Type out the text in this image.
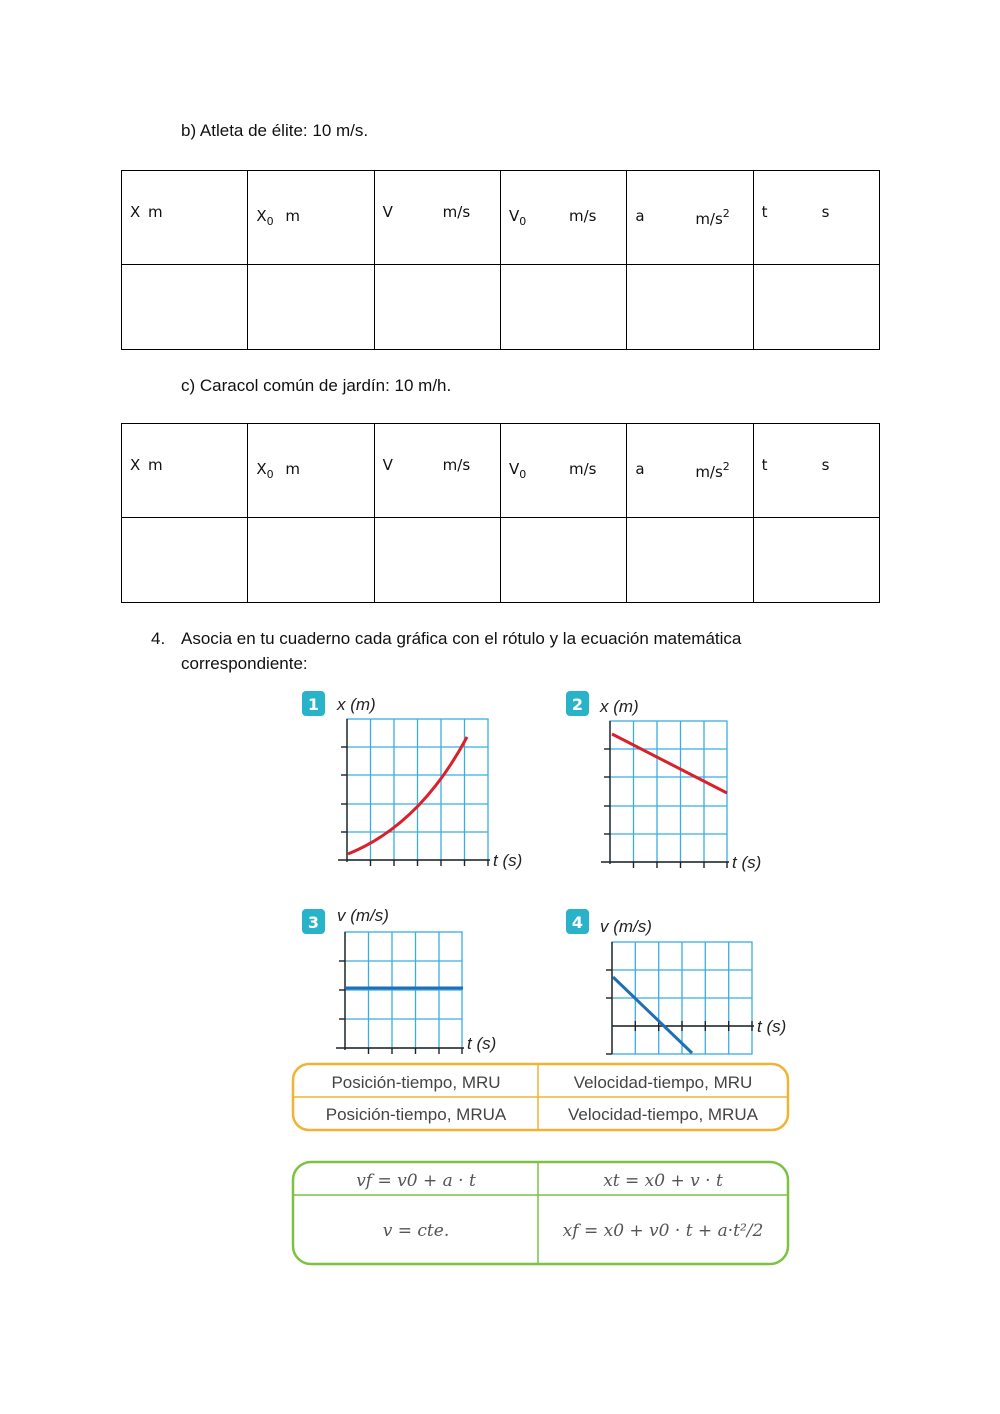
b) Atleta de élite: 10 m/s.
X m	$X_0$ m	V m/s	$V_0$ m/s	a $m/s^2$	t s

c) Caracol común de jardín: 10 m/h.
X m	$X_0$ m	V m/s	$V_0$ m/s	a $m/s^2$	t s

4. Asocia en tu cuaderno cada gráfica con el rótulo y la ecuación matemática
correspondiente:
1 x (m)
t (s)
2 x (m)
t (s)
3 v (m/s)
t (s)
4 v (m/s)
t (s)
Posición-tiempo, MRU	Velocidad-tiempo, MRU
Posición-tiempo, MRUA	Velocidad-tiempo, MRUA
vf = v0 + a · t	xt = x0 + v · t
v = cte.	xf = x0 + v0 · t + a·t²/2
